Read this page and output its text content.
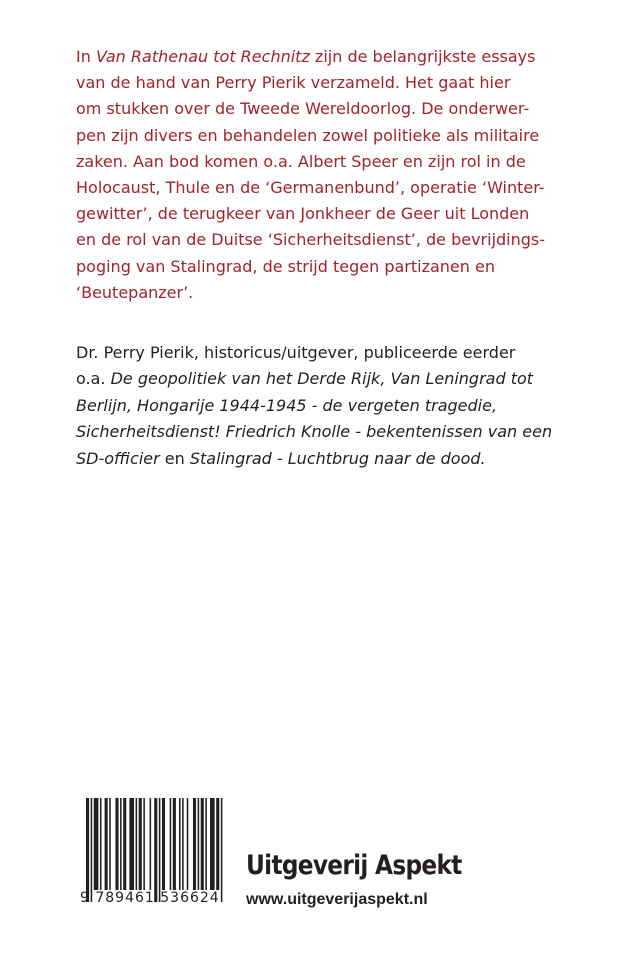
In Van Rathenau tot Rechnitz zijn de belangrijkste essays
van de hand van Perry Pierik verzameld. Het gaat hier
om stukken over de Tweede Wereldoorlog. De onderwer-
pen zijn divers en behandelen zowel politieke als militaire
zaken. Aan bod komen o.a. Albert Speer en zijn rol in de
Holocaust, Thule en de ‘Germanenbund’, operatie ‘Winter-
gewitter’, de terugkeer van Jonkheer de Geer uit Londen
en de rol van de Duitse ‘Sicherheitsdienst’, de bevrijdings-
poging van Stalingrad, de strijd tegen partizanen en
‘Beutepanzer’.
Dr. Perry Pierik, historicus/uitgever, publiceerde eerder
o.a. De geopolitiek van het Derde Rijk, Van Leningrad tot
Berlijn, Hongarije 1944-1945 - de vergeten tragedie,
Sicherheitsdienst! Friedrich Knolle - bekentenissen van een
SD-officier en Stalingrad - Luchtbrug naar de dood.
9 789461 536624
Uitgeverij Aspekt
www.uitgeverijaspekt.nl
